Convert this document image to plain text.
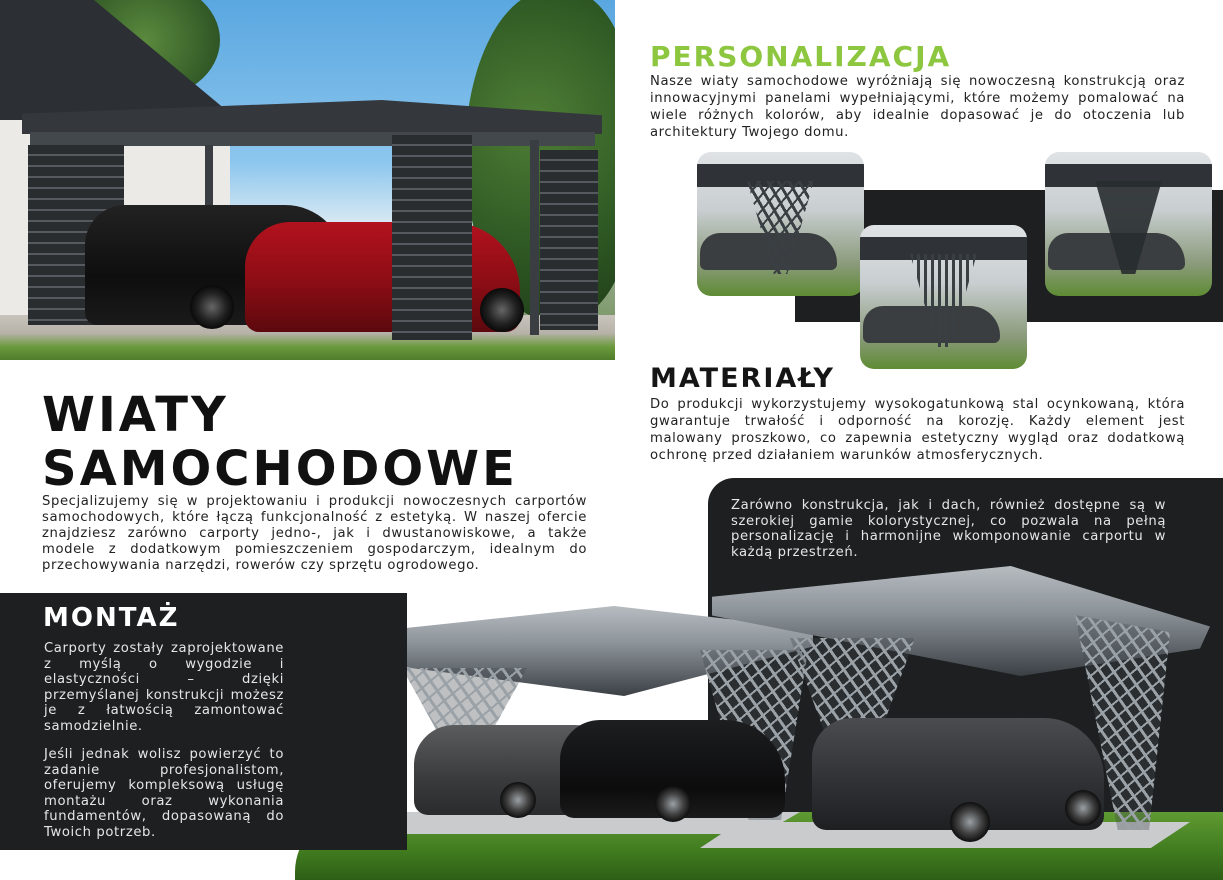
PERSONALIZACJA
Nasze wiaty samochodowe wyróżniają się nowoczesną konstrukcją oraz innowacyjnymi panelami wypełniającymi, które możemy pomalować na wiele różnych kolorów, aby idealnie dopasować je do otoczenia lub architektury Twojego domu.
MATERIAŁY
Do produkcji wykorzystujemy wysokogatunkową stal ocynkowaną, która gwarantuje trwałość i odporność na korozję. Każdy element jest malowany proszkowo, co zapewnia estetyczny wygląd oraz dodatkową ochronę przed działaniem warunków atmosferycznych.
WIATY
SAMOCHODOWE
Specjalizujemy się w projektowaniu i produkcji nowoczesnych carportów samochodowych, które łączą funkcjonalność z estetyką. W naszej ofercie znajdziesz zarówno carporty jedno-, jak i dwustanowiskowe, a także modele z dodatkowym pomieszczeniem gospodarczym, idealnym do przechowywania narzędzi, rowerów czy sprzętu ogrodowego.
Zarówno konstrukcja, jak i dach, również dostępne są w szerokiej gamie kolorystycznej, co pozwala na pełną personalizację i harmonijne wkomponowanie carportu w każdą przestrzeń.
MONTAŻ

Carporty zostały zaprojektowane z myślą o wygodzie i elastyczności – dzięki przemyślanej konstrukcji możesz je z łatwością zamontować samodzielnie.

Jeśli jednak wolisz powierzyć to zadanie profesjonalistom, oferujemy kompleksową usługę montażu oraz wykonania fundamentów, dopasowaną do Twoich potrzeb.
